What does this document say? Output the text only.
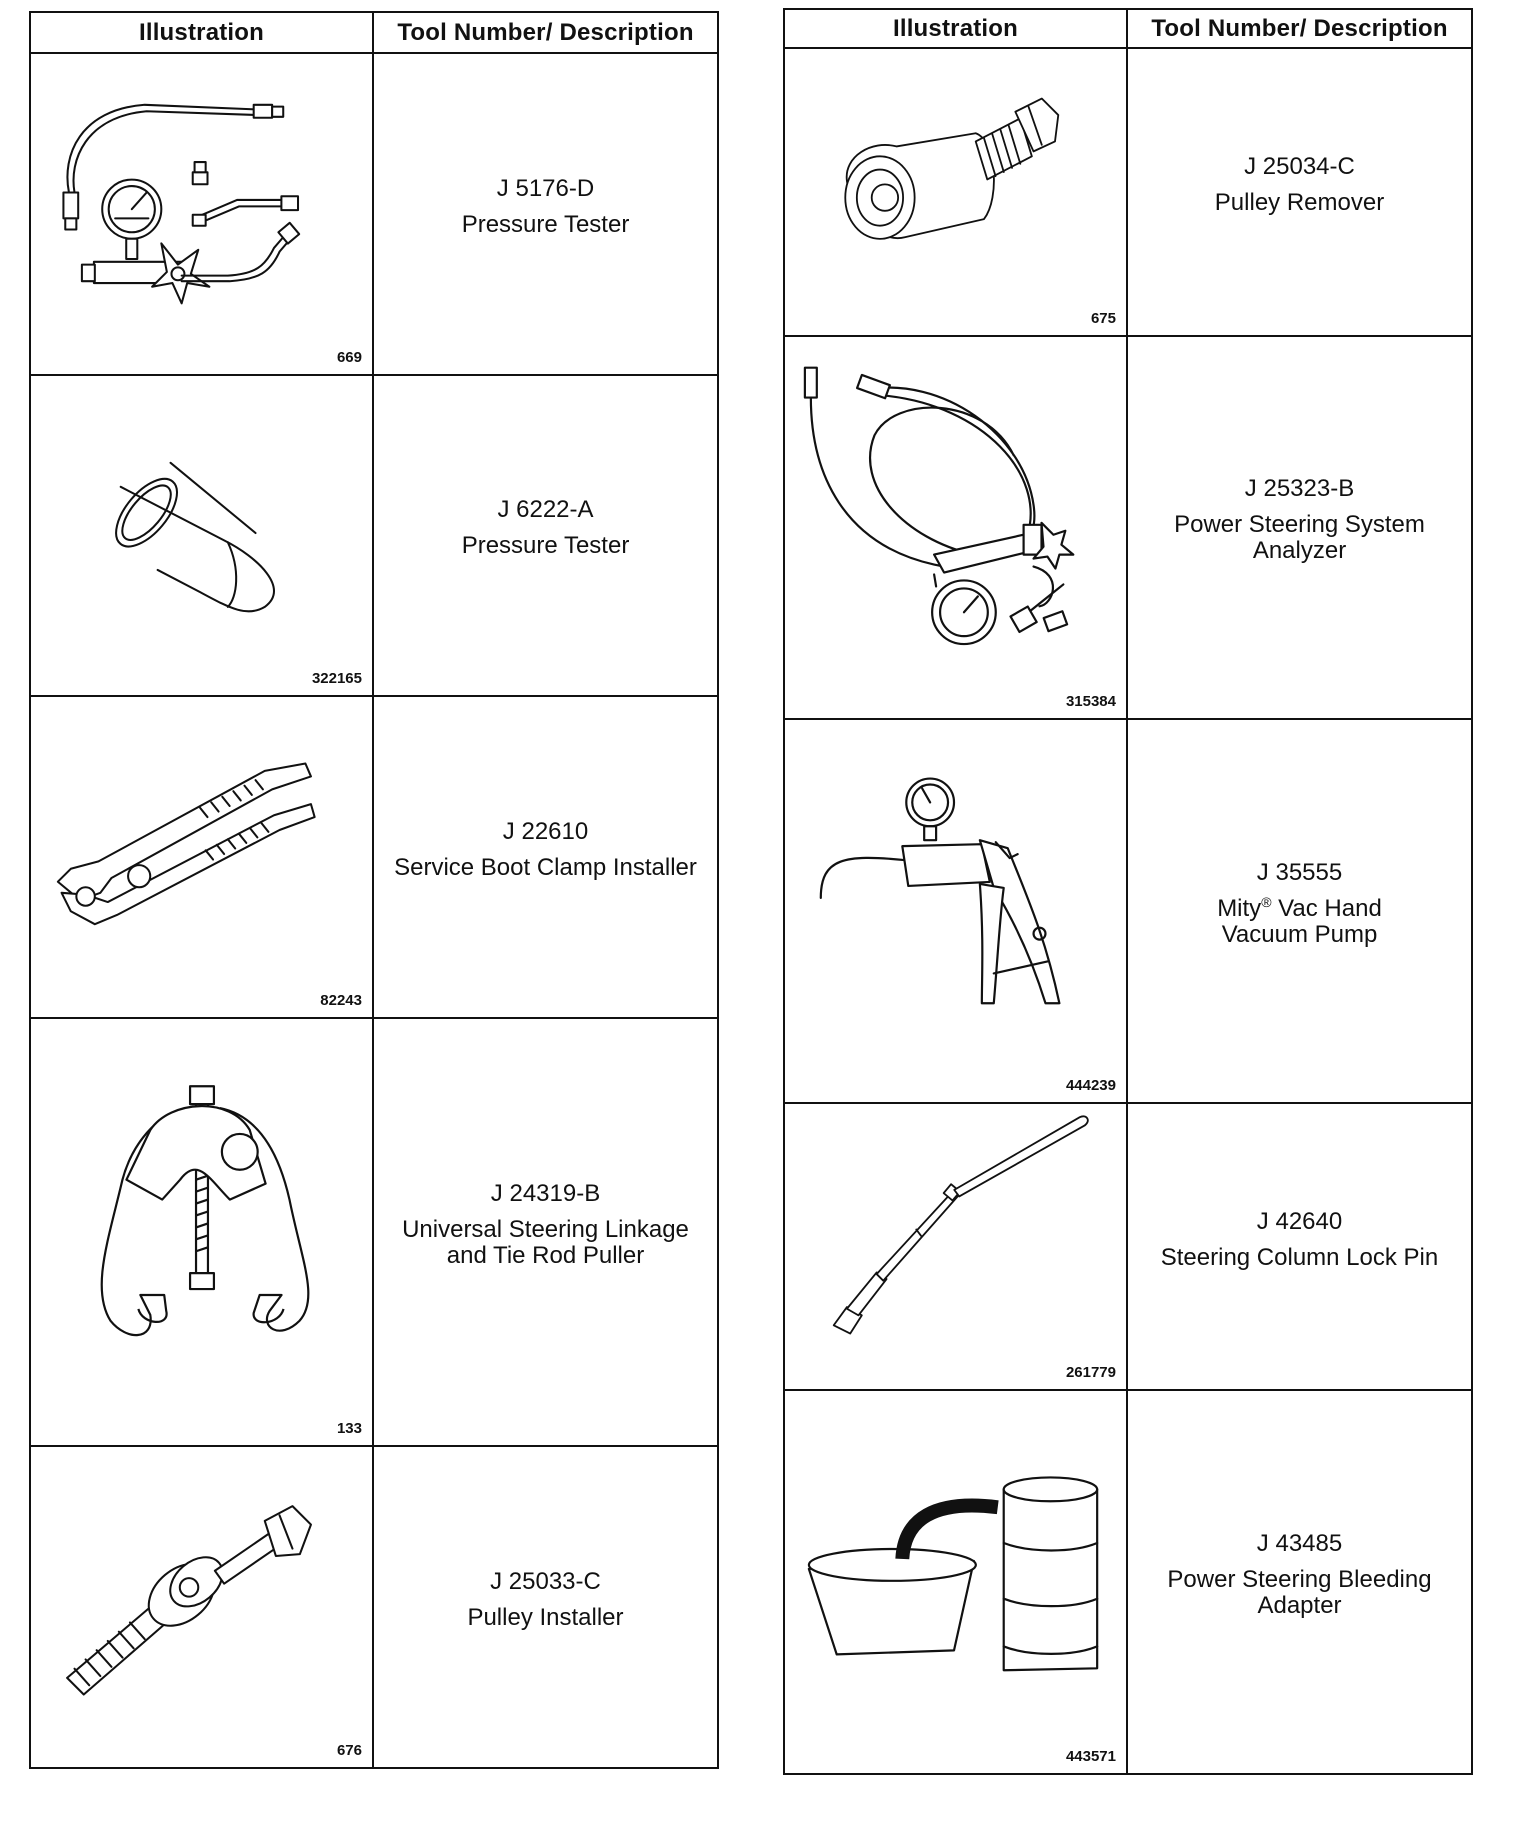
Illustration	Tool Number/ Description

669	J 5176-D
Pressure Tester

322165	J 6222-A
Pressure Tester

82243	J 22610
Service Boot Clamp Installer

133	J 24319-B
Universal Steering Linkage
and Tie Rod Puller

676	J 25033-C
Pulley Installer
Illustration	Tool Number/ Description

675	J 25034-C
Pulley Remover

315384	J 25323-B
Power Steering System
Analyzer

444239	J 35555
Mity® Vac Hand
Vacuum Pump

261779	J 42640
Steering Column Lock Pin

443571	J 43485
Power Steering Bleeding
Adapter
